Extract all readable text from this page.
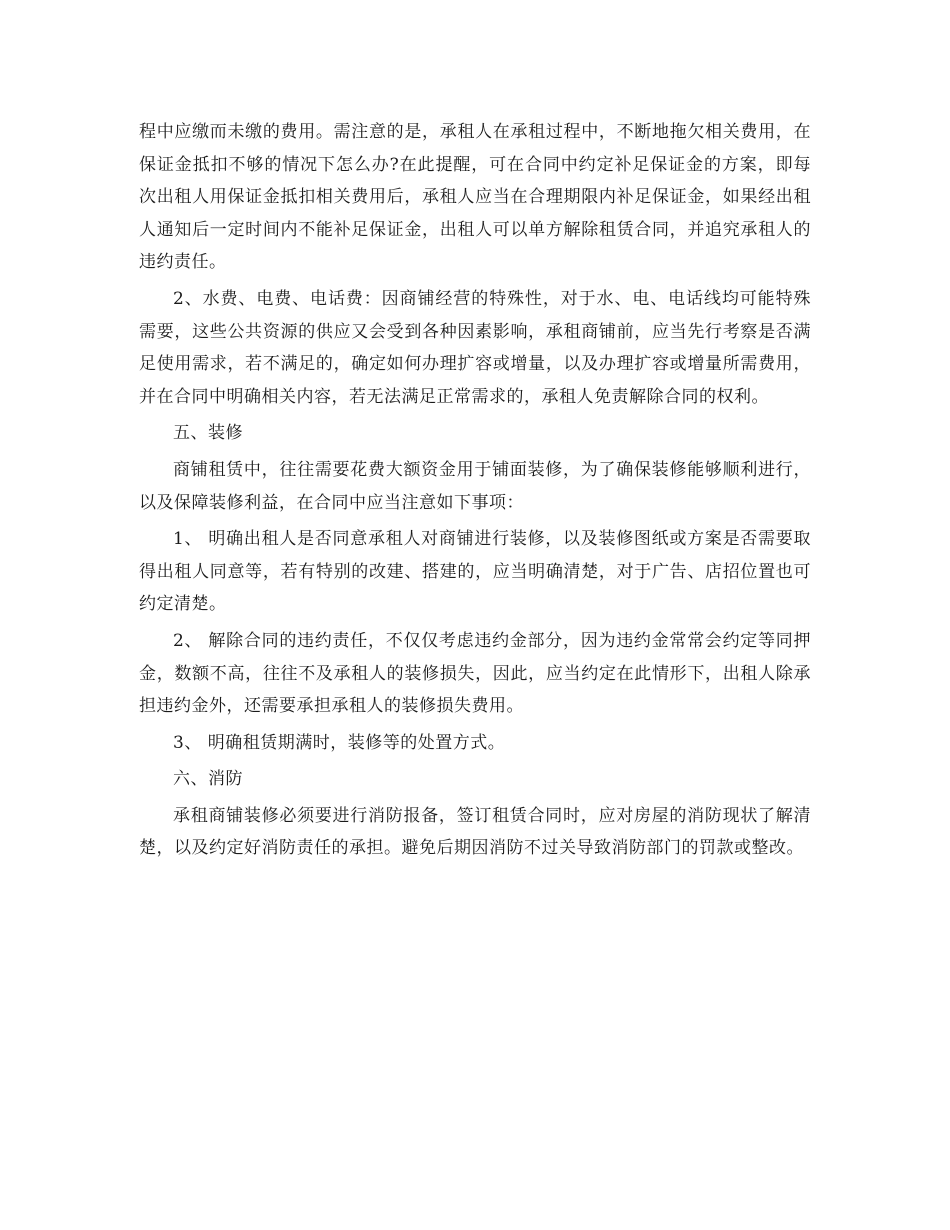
程中应缴而未缴的费用。需注意的是，承租人在承租过程中，不断地拖欠相关费用，在保证金抵扣不够的情况下怎么办?在此提醒，可在合同中约定补足保证金的方案，即每次出租人用保证金抵扣相关费用后，承租人应当在合理期限内补足保证金，如果经出租人通知后一定时间内不能补足保证金，出租人可以单方解除租赁合同，并追究承租人的违约责任。

2、水费、电费、电话费：因商铺经营的特殊性，对于水、电、电话线均可能特殊需要，这些公共资源的供应又会受到各种因素影响，承租商铺前，应当先行考察是否满足使用需求，若不满足的，确定如何办理扩容或增量，以及办理扩容或增量所需费用，并在合同中明确相关内容，若无法满足正常需求的，承租人免责解除合同的权利。

五、装修

商铺租赁中，往往需要花费大额资金用于铺面装修，为了确保装修能够顺利进行，以及保障装修利益，在合同中应当注意如下事项：

1、 明确出租人是否同意承租人对商铺进行装修，以及装修图纸或方案是否需要取得出租人同意等，若有特别的改建、搭建的，应当明确清楚，对于广告、店招位置也可约定清楚。

2、 解除合同的违约责任，不仅仅考虑违约金部分，因为违约金常常会约定等同押金，数额不高，往往不及承租人的装修损失，因此，应当约定在此情形下，出租人除承担违约金外，还需要承担承租人的装修损失费用。

3、 明确租赁期满时，装修等的处置方式。

六、消防

承租商铺装修必须要进行消防报备，签订租赁合同时，应对房屋的消防现状了解清楚，以及约定好消防责任的承担。避免后期因消防不过关导致消防部门的罚款或整改。
